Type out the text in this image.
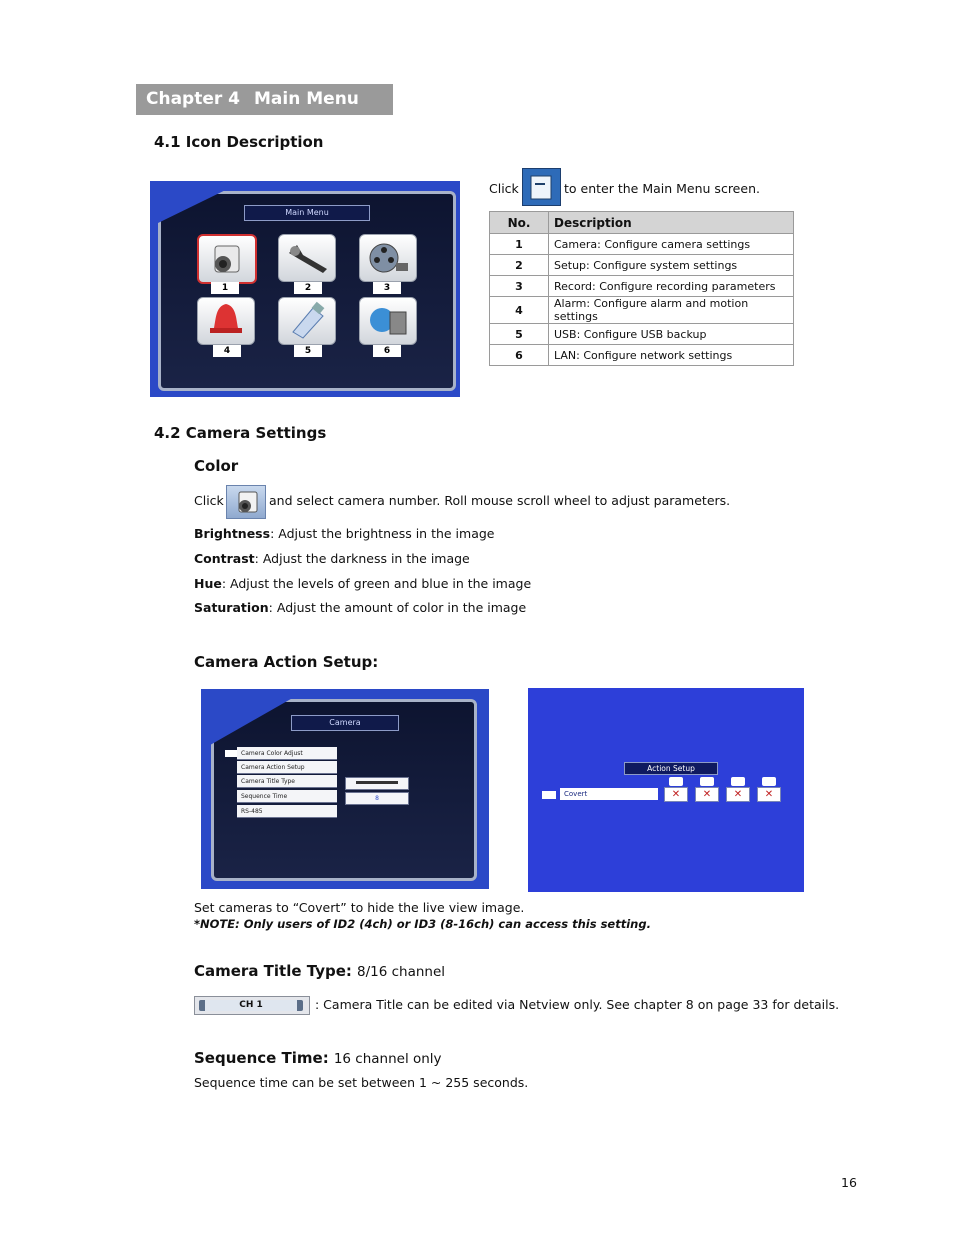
Chapter 4 Main Menu
4.1 Icon Description
Main Menu
1	2	3
4	5	6
Click	to enter the Main Menu screen.
No.	Description
1	Camera: Configure camera settings
2	Setup: Configure system settings
3	Record: Configure recording parameters
4	Alarm: Configure alarm and motion settings
5	USB: Configure USB backup
6	LAN: Configure network settings
4.2 Camera Settings
Color
Click	and select camera number. Roll mouse scroll wheel to adjust parameters.
Brightness: Adjust the brightness in the image
Contrast: Adjust the darkness in the image
Hue: Adjust the levels of green and blue in the image
Saturation: Adjust the amount of color in the image
Camera Action Setup:
Camera
Camera Color Adjust
Camera Action Setup
Camera Title Type
Sequence Time
RS-485
8
Action Setup
Covert	✕	✕	✕	✕
Set cameras to “Covert” to hide the live view image.
*NOTE: Only users of ID2 (4ch) or ID3 (8-16ch) can access this setting.
Camera Title Type: 8/16 channel
CH 1	: Camera Title can be edited via Netview only. See chapter 8 on page 33 for details.
Sequence Time: 16 channel only
Sequence time can be set between 1 ~ 255 seconds.
16
